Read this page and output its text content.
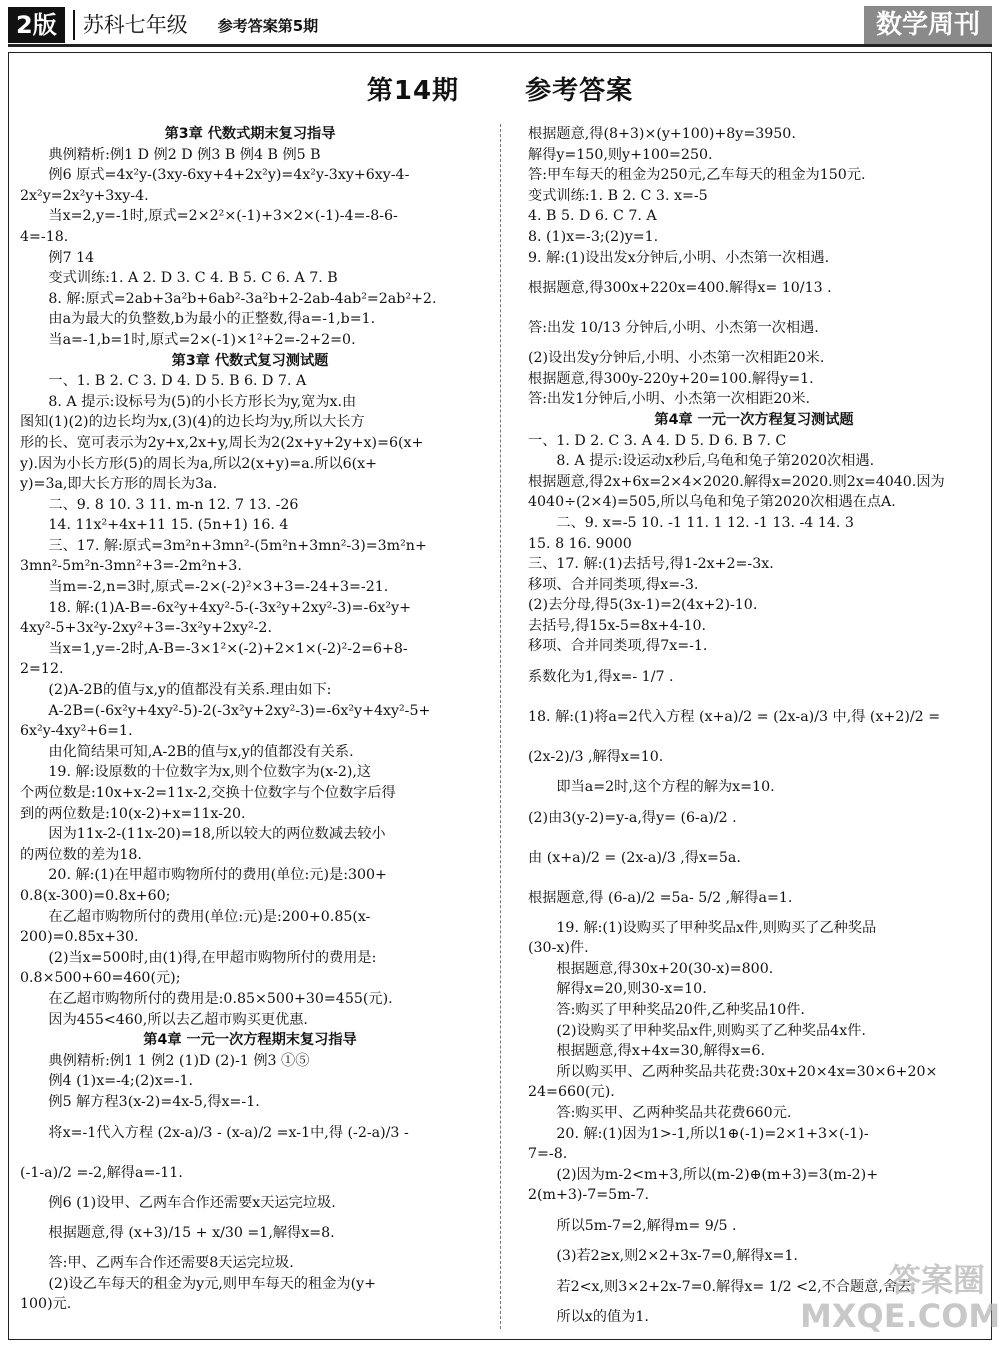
2版	苏科七年级 参考答案第5期	数学周刊
第14期	参考答案
第3章 代数式期末复习指导
典例精析:例1 D 例2 D 例3 B 例4 B 例5 B
例6 原式=4x²y-(3xy-6xy+4+2x²y)=4x²y-3xy+6xy-4-
2x²y=2x²y+3xy-4.
当x=2,y=-1时,原式=2×2²×(-1)+3×2×(-1)-4=-8-6-
4=-18.
例7 14
变式训练:1. A 2. D 3. C 4. B 5. C 6. A 7. B
8. 解:原式=2ab+3a²b+6ab²-3a²b+2-2ab-4ab²=2ab²+2.
由a为最大的负整数,b为最小的正整数,得a=-1,b=1.
当a=-1,b=1时,原式=2×(-1)×1²+2=-2+2=0.
第3章 代数式复习测试题
一、1. B 2. C 3. D 4. D 5. B 6. D 7. A
8. A 提示:设标号为(5)的小长方形长为y,宽为x.由
图知(1)(2)的边长均为x,(3)(4)的边长均为y,所以大长方
形的长、宽可表示为2y+x,2x+y,周长为2(2x+y+2y+x)=6(x+
y).因为小长方形(5)的周长为a,所以2(x+y)=a.所以6(x+
y)=3a,即大长方形的周长为3a.
二、9. 8 10. 3 11. m-n 12. 7 13. -26
14. 11x²+4x+11 15. (5n+1) 16. 4
三、17. 解:原式=3m²n+3mn²-(5m²n+3mn²-3)=3m²n+
3mn²-5m²n-3mn²+3=-2m²n+3.
当m=-2,n=3时,原式=-2×(-2)²×3+3=-24+3=-21.
18. 解:(1)A-B=-6x²y+4xy²-5-(-3x²y+2xy²-3)=-6x²y+
4xy²-5+3x²y-2xy²+3=-3x²y+2xy²-2.
当x=1,y=-2时,A-B=-3×1²×(-2)+2×1×(-2)²-2=6+8-
2=12.
(2)A-2B的值与x,y的值都没有关系.理由如下:
A-2B=(-6x²y+4xy²-5)-2(-3x²y+2xy²-3)=-6x²y+4xy²-5+
6x²y-4xy²+6=1.
由化简结果可知,A-2B的值与x,y的值都没有关系.
19. 解:设原数的十位数字为x,则个位数字为(x-2),这
个两位数是:10x+x-2=11x-2,交换十位数字与个位数字后得
到的两位数是:10(x-2)+x=11x-20.
因为11x-2-(11x-20)=18,所以较大的两位数减去较小
的两位数的差为18.
20. 解:(1)在甲超市购物所付的费用(单位:元)是:300+
0.8(x-300)=0.8x+60;
在乙超市购物所付的费用(单位:元)是:200+0.85(x-
200)=0.85x+30.
(2)当x=500时,由(1)得,在甲超市购物所付的费用是:
0.8×500+60=460(元);
在乙超市购物所付的费用是:0.85×500+30=455(元).
因为455<460,所以去乙超市购买更优惠.
第4章 一元一次方程期末复习指导
典例精析:例1 1 例2 (1)D (2)-1 例3 ①⑤
例4 (1)x=-4;(2)x=-1.
例5 解方程3(x-2)=4x-5,得x=-1.
将x=-1代入方程 (2x-a)/3 - (x-a)/2 =x-1中,得 (-2-a)/3 -
(-1-a)/2 =-2,解得a=-11.
例6 (1)设甲、乙两车合作还需要x天运完垃圾.
根据题意,得 (x+3)/15 + x/30 =1,解得x=8.
答:甲、乙两车合作还需要8天运完垃圾.
(2)设乙车每天的租金为y元,则甲车每天的租金为(y+
100)元.
根据题意,得(8+3)×(y+100)+8y=3950.
解得y=150,则y+100=250.
答:甲车每天的租金为250元,乙车每天的租金为150元.
变式训练:1. B 2. C 3. x=-5
4. B 5. D 6. C 7. A
8. (1)x=-3;(2)y=1.
9. 解:(1)设出发x分钟后,小明、小杰第一次相遇.
根据题意,得300x+220x=400.解得x= 10/13 .
答:出发 10/13 分钟后,小明、小杰第一次相遇.
(2)设出发y分钟后,小明、小杰第一次相距20米.
根据题意,得300y-220y+20=100.解得y=1.
答:出发1分钟后,小明、小杰第一次相距20米.
第4章 一元一次方程复习测试题
一、1. D 2. C 3. A 4. D 5. D 6. B 7. C
8. A 提示:设运动x秒后,乌龟和兔子第2020次相遇.
根据题意,得2x+6x=2×4×2020.解得x=2020.则2x=4040.因为
4040÷(2×4)=505,所以乌龟和兔子第2020次相遇在点A.
二、9. x=-5 10. -1 11. 1 12. -1 13. -4 14. 3
15. 8 16. 9000
三、17. 解:(1)去括号,得1-2x+2=-3x.
移项、合并同类项,得x=-3.
(2)去分母,得5(3x-1)=2(4x+2)-10.
去括号,得15x-5=8x+4-10.
移项、合并同类项,得7x=-1.
系数化为1,得x=- 1/7 .
18. 解:(1)将a=2代入方程 (x+a)/2 = (2x-a)/3 中,得 (x+2)/2 =
(2x-2)/3 ,解得x=10.
即当a=2时,这个方程的解为x=10.
(2)由3(y-2)=y-a,得y= (6-a)/2 .
由 (x+a)/2 = (2x-a)/3 ,得x=5a.
根据题意,得 (6-a)/2 =5a- 5/2 ,解得a=1.
19. 解:(1)设购买了甲种奖品x件,则购买了乙种奖品
(30-x)件.
根据题意,得30x+20(30-x)=800.
解得x=20,则30-x=10.
答:购买了甲种奖品20件,乙种奖品10件.
(2)设购买了甲种奖品x件,则购买了乙种奖品4x件.
根据题意,得x+4x=30,解得x=6.
所以购买甲、乙两种奖品共花费:30x+20×4x=30×6+20×
24=660(元).
答:购买甲、乙两种奖品共花费660元.
20. 解:(1)因为1>-1,所以1⊕(-1)=2×1+3×(-1)-
7=-8.
(2)因为m-2<m+3,所以(m-2)⊕(m+3)=3(m-2)+
2(m+3)-7=5m-7.
所以5m-7=2,解得m= 9/5 .
(3)若2≥x,则2×2+3x-7=0,解得x=1.
若2<x,则3×2+2x-7=0.解得x= 1/2 <2,不合题意,舍去.
所以x的值为1.
答案圈 MXQE.COM
